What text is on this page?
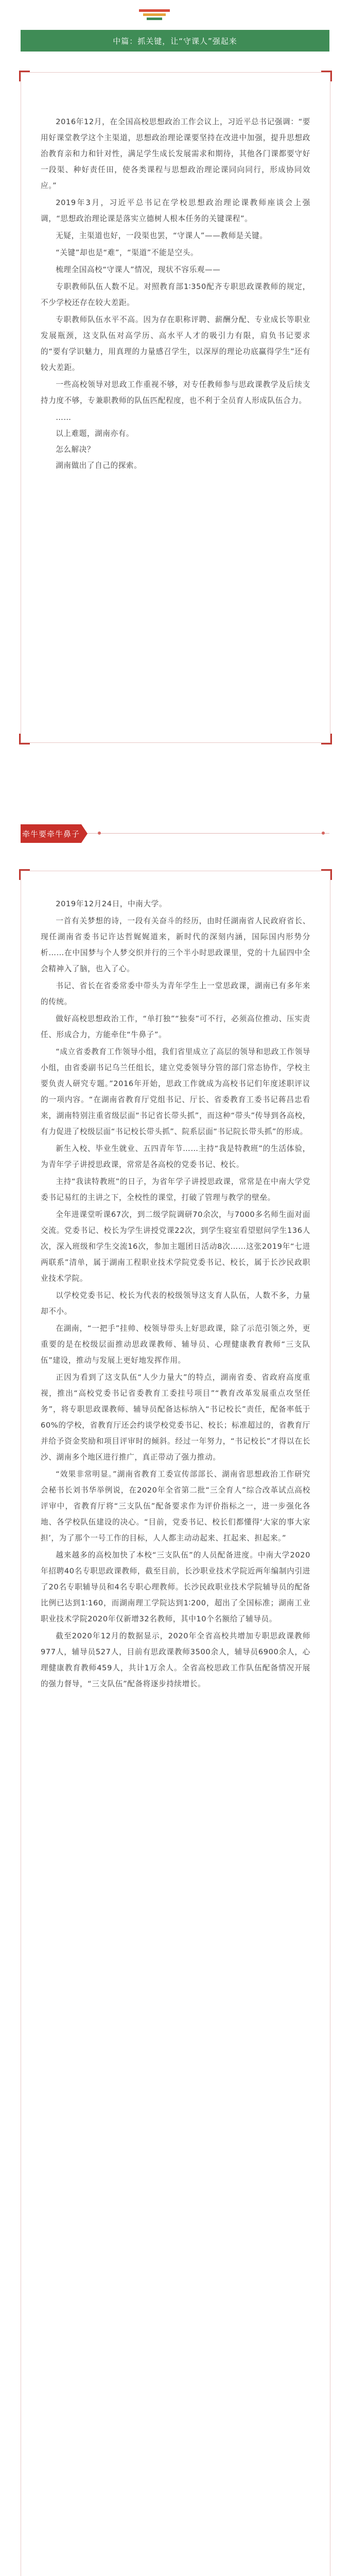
中篇：抓关键，让“守课人”强起来

2016年12月，在全国高校思想政治工作会议上，习近平总书记强调：“要用好课堂教学这个主渠道，思想政治理论课要坚持在改进中加强，提升思想政治教育亲和力和针对性，满足学生成长发展需求和期待，其他各门课都要守好一段渠、种好责任田，使各类课程与思想政治理论课同向同行，形成协同效应。”

2019年3月，习近平总书记在学校思想政治理论课教师座谈会上强调，“思想政治理论课是落实立德树人根本任务的关键课程”。

无疑，主渠道也好，一段渠也罢，“守课人”——教师是关键。

“关键”却也是“难”，“渠道”不能是空头。

梳理全国高校“守课人”情况，现状不容乐观——

专职教师队伍人数不足。对照教育部1∶350配齐专职思政课教师的规定，不少学校还存在较大差距。

专职教师队伍水平不高。因为存在职称评聘、薪酬分配、专业成长等职业发展瓶颈，这支队伍对高学历、高水平人才的吸引力有限，肩负书记要求的“要有学识魅力，用真理的力量感召学生，以深厚的理论功底赢得学生”还有较大差距。

一些高校领导对思政工作重视不够，对专任教师参与思政课教学及后续支持力度不够，专兼职教师的队伍匹配程度，也不利于全员育人形成队伍合力。

……

以上难题，湖南亦有。

怎么解决？

湖南做出了自己的探索。

牵牛要牵牛鼻子

2019年12月24日，中南大学。

一首有关梦想的诗，一段有关奋斗的经历，由时任湖南省人民政府省长、现任湖南省委书记许达哲娓娓道来，新时代的深刻内涵，国际国内形势分析……在中国梦与个人梦交织并行的三个半小时思政课里，党的十九届四中全会精神入了脑，也入了心。

书记、省长在省委常委中带头为青年学生上一堂思政课，湖南已有多年来的传统。

做好高校思想政治工作，“单打独”“独奏”可不行，必须高位推动、压实责任、形成合力，方能牵住“牛鼻子”。

“成立省委教育工作领导小组，我们省里成立了高层的领导和思政工作领导小组，由省委副书记乌兰任组长，建立党委领导分管的部门常态协作，学校主要负责人研究专题。”2016年开始，思政工作就成为高校书记们年度述职评议的一项内容。“在湖南省教育厅党组书记、厅长、省委教育工委书记蒋昌忠看来，湖南特别注重省级层面“书记省长带头抓”，而这种“带头”传导到各高校，有力促进了校级层面“书记校长带头抓”、院系层面“书记院长带头抓”的形成。

新生入校、毕业生就业、五四青年节……主持“我是特教班”的生活体验，为青年学子讲授思政课，常常是各高校的党委书记、校长。

主持“我读特教班”的日子，为省年学子讲授思政课，常常是在中南大学党委书记易红的主讲之下，全校性的课堂，打破了管理与教学的壁垒。

全年进课堂听课67次，到二级学院调研70余次，与7000多名师生面对面交流。党委书记、校长为学生讲授党课22次，到学生寝室看望慰问学生136人次，深入班级和学生交流16次，参加主题团日活动8次……这张2019年“七进两联系”清单，属于湖南工程职业技术学院党委书记、校长，属于长沙民政职业技术学院。

以学校党委书记、校长为代表的校级领导这支育人队伍，人数不多，力量却不小。

在湖南，“一把手”挂帅、校领导带头上好思政课，除了示范引领之外，更重要的是在校级层面推动思政课教师、辅导员、心理健康教育教师“三支队伍”建设，推动与发展上更好地发挥作用。

正因为看到了这支队伍“人少力量大”的特点，湖南省委、省政府高度重视，推出“高校党委书记省委教育工委挂号项目”“教育改革发展重点攻坚任务”，将专职思政课教师、辅导员配备达标纳入“书记校长”责任，配备率低于60%的学校，省教育厅还会约谈学校党委书记、校长；标准超过的，省教育厅并给予资金奖励和项目评审时的倾斜。经过一年努力，“书记校长”才得以在长沙、湖南多个地区进行推广，真正带动了强力推动。

“效果非常明显。”湖南省教育工委宣传部部长、湖南省思想政治工作研究会秘书长刘书华举例说，在2020年全省第二批“三全育人”综合改革试点高校评审中，省教育厅将“三支队伍”配备要求作为评价指标之一，进一步强化各地、各学校队伍建设的决心。“目前，党委书记、校长们都懂得‘大家的事大家担’，为了那个一号工作的目标，人人都主动动起来、扛起来、担起来。”

越来越多的高校加快了本校“三支队伍”的人员配备进度。中南大学2020年招聘40名专职思政课教师，截至目前，长沙职业技术学院近两年编制内引进了20名专职辅导员和4名专职心理教师。长沙民政职业技术学院辅导员的配备比例已达到1∶160，而湖南理工学院达到1∶200，超出了全国标准；湖南工业职业技术学院2020年仅新增32名教师，其中10个名额给了辅导员。

截至2020年12月的数据显示，2020年全省高校共增加专职思政课教师977人，辅导员527人，目前有思政课教师3500余人，辅导员6900余人，心理健康教育教师459人，共计1万余人。全省高校思政工作队伍配备情况开展的强力督导，“三支队伍”配备将逐步持续增长。
